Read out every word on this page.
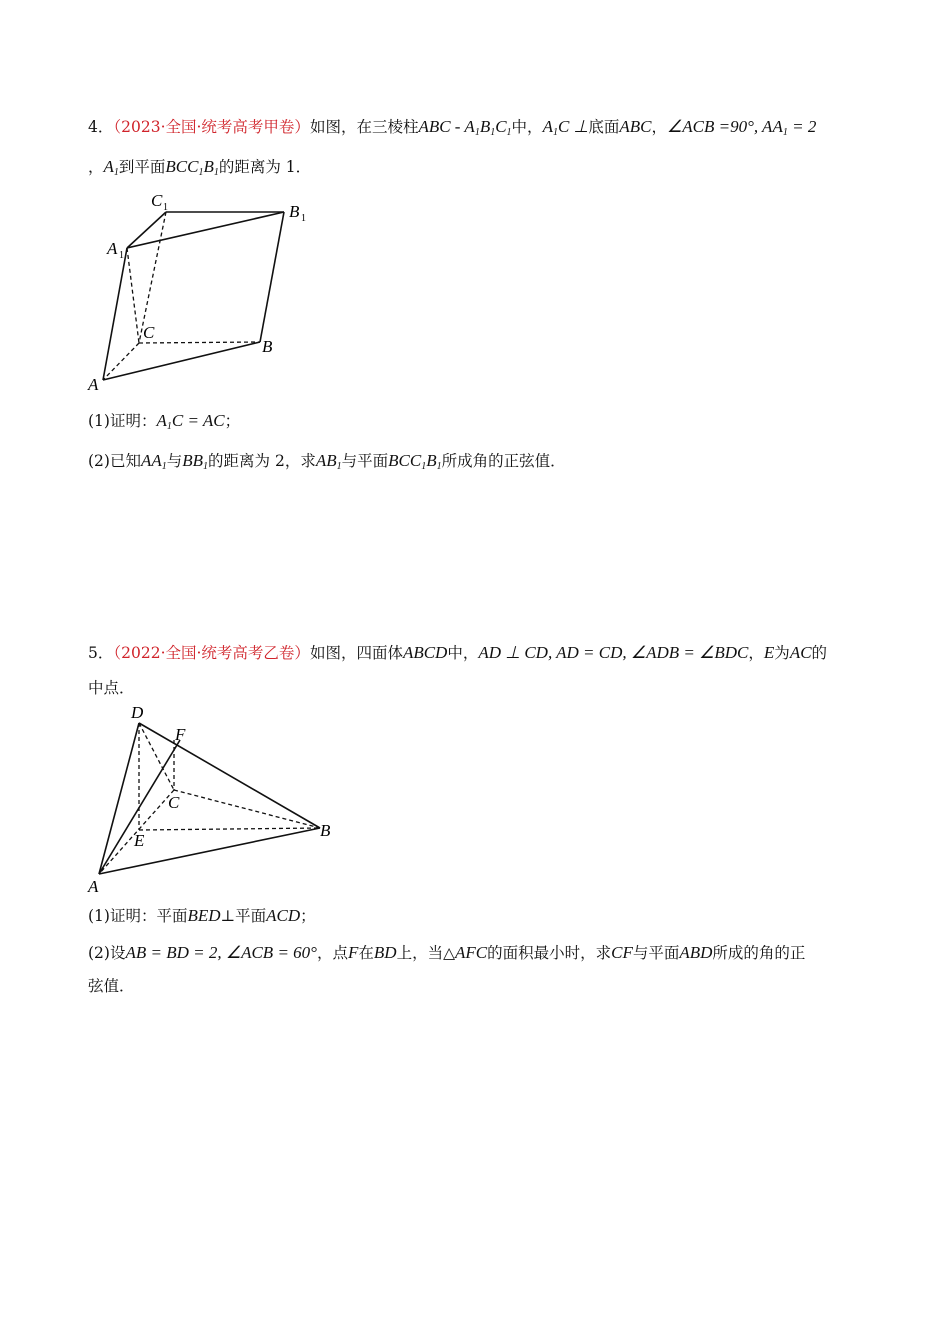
4．（2023·全国·统考高考甲卷）如图，在三棱柱ABC - $A_1B_1C_1$中，$A_1C$ ⊥底面ABC，∠ACB =90°, $AA_1 = 2$
，$A_1$到平面$BCC_1B_1$的距离为 1．
C 1	B 1
A 1
C
B
A
(1)证明：$A_1C$ = AC；
(2)已知$AA_1$与$BB_1$的距离为 2，求$AB_1$与平面$BCC_1B_1$所成角的正弦值．
5．（2022·全国·统考高考乙卷）如图，四面体ABCD中，AD ⊥ CD, AD = CD, ∠ADB = ∠BDC，E为AC的
中点．
D
F
C
E
B
A
(1)证明：平面BED⊥平面ACD；
(2)设AB = BD = 2, ∠ACB = 60°，点F在BD上，当△AFC的面积最小时，求CF与平面ABD所成的角的正
弦值．
